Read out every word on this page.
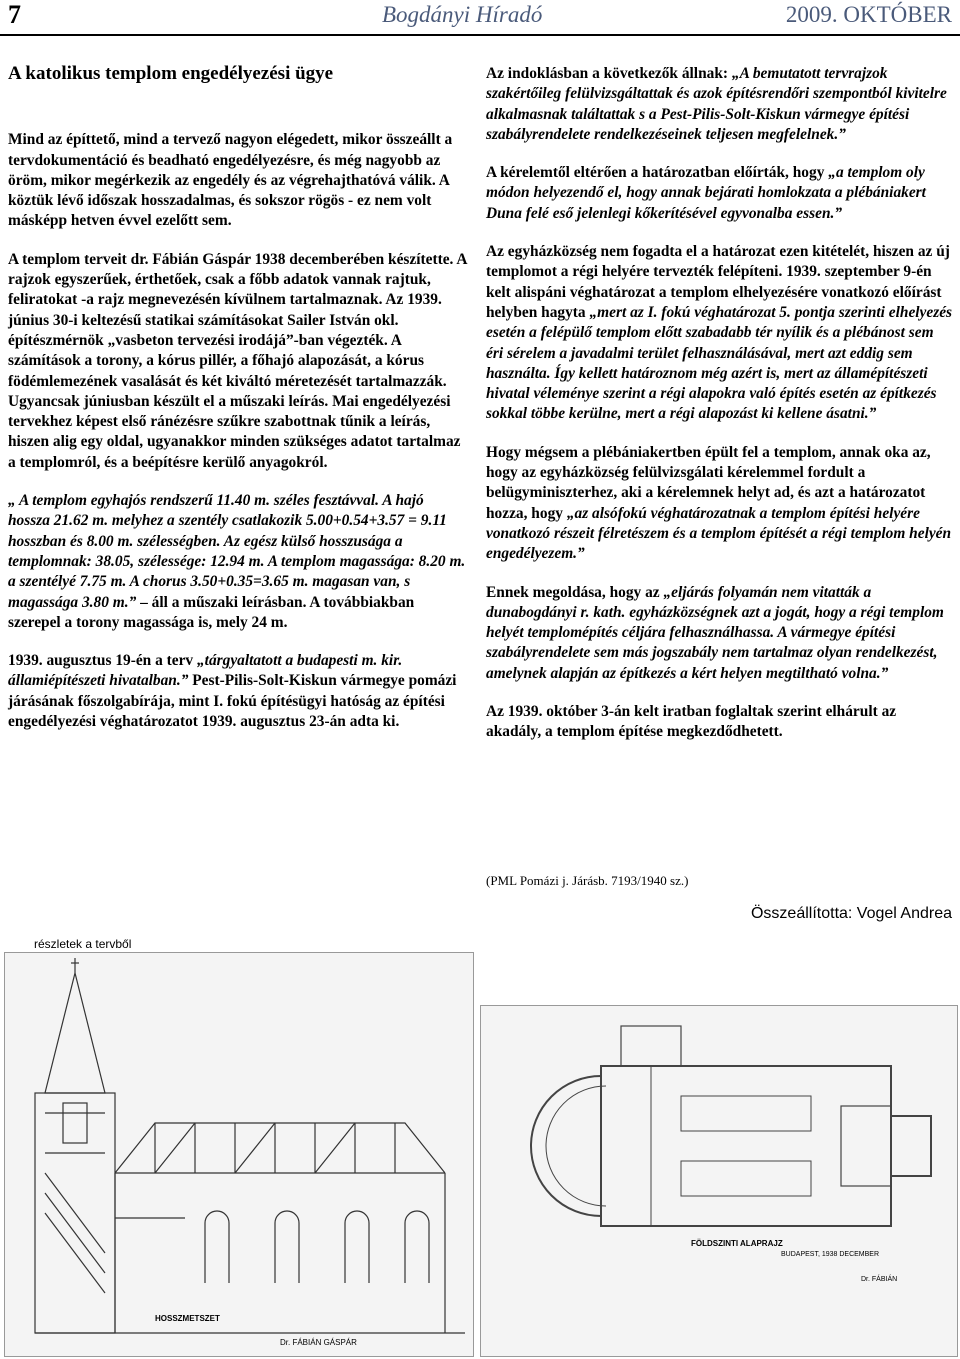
7	Bogdányi Híradó	2009. OKTÓBER

A katolikus templom engedélyezési ügye

Mind az építtető, mind a tervező nagyon elégedett, mikor összeállt a tervdokumentáció és beadható engedélyezésre, és még nagyobb az öröm, mikor megérkezik az engedély és az végrehajthatóvá válik. A köztük lévő időszak hosszadalmas, és sokszor rögös - ez nem volt másképp hetven évvel ezelőtt sem.

A templom terveit dr. Fábián Gáspár 1938 decemberében készítette. A rajzok egyszerűek, érthetőek, csak a főbb adatok vannak rajtuk, feliratokat -a rajz megnevezésén kívülnem tartalmaznak. Az 1939. június 30-i keltezésű statikai számításokat Sailer István okl. építészmérnök „vasbeton tervezési irodájá”-ban végezték. A számítások a torony, a kórus pillér, a főhajó alapozását, a kórus födémlemezének vasalását és két kiváltó méretezését tartalmazzák. Ugyancsak júniusban készült el a műszaki leírás. Mai engedélyezési tervekhez képest első ránézésre szűkre szabottnak tűnik a leírás, hiszen alig egy oldal, ugyanakkor minden szükséges adatot tartalmaz a templomról, és a beépítésre kerülő anyagokról.

„ A templom egyhajós rendszerű 11.40 m. széles fesztávval. A hajó hossza 21.62 m. melyhez a szentély csatlakozik 5.00+0.54+3.57 = 9.11 hosszban és 8.00 m. szélességben. Az egész külső hosszusága a templomnak: 38.05, szélessége: 12.94 m. A templom magassága: 8.20 m. a szentélyé 7.75 m. A chorus 3.50+0.35=3.65 m. magasan van, s magassága 3.80 m.” – áll a műszaki leírásban. A továbbiakban szerepel a torony magassága is, mely 24 m.

1939. augusztus 19-én a terv „tárgyaltatott a budapesti m. kir. államiépítészeti hivatalban.” Pest-Pilis-Solt-Kiskun vármegye pomázi járásának főszolgabírája, mint I. fokú építésügyi hatóság az építési engedélyezési véghatározatot 1939. augusztus 23-án adta ki.

Az indoklásban a következők állnak: „A bemutatott tervrajzok szakértőileg felülvizsgáltattak és azok építésrendőri szempontból kivitelre alkalmasnak találtattak s a Pest-Pilis-Solt-Kiskun vármegye építési szabályrendelete rendelkezéseinek teljesen megfelelnek.”

A kérelemtől eltérően a határozatban előírták, hogy „a templom oly módon helyezendő el, hogy annak bejárati homlokzata a plébániakert Duna felé eső jelenlegi kőkerítésével egyvonalba essen.”

Az egyházközség nem fogadta el a határozat ezen kitételét, hiszen az új templomot a régi helyére tervezték felépíteni. 1939. szeptember 9-én kelt alispáni véghatározat a templom elhelyezésére vonatkozó előírást helyben hagyta „mert az I. fokú véghatározat 5. pontja szerinti elhelyezés esetén a felépülő templom előtt szabadabb tér nyílik és a plébánost sem éri sérelem a javadalmi terület felhasználásával, mert azt eddig sem használta. Így kellett határoznom még azért is, mert az államépítészeti hivatal véleménye szerint a régi alapokra való építés esetén az építkezés sokkal többe kerülne, mert a régi alapozást ki kellene ásatni.”

Hogy mégsem a plébániakertben épült fel a templom, annak oka az, hogy az egyházközség felülvizsgálati kérelemmel fordult a belügyminiszterhez, aki a kérelemnek helyt ad, és azt a határozatot hozza, hogy „az alsófokú véghatározatnak a templom építési helyére vonatkozó részeit félretészem és a templom építését a régi templom helyén engedélyezem.”

Ennek megoldása, hogy az „eljárás folyamán nem vitatták a dunabogdányi r. kath. egyházközségnek azt a jogát, hogy a régi templom helyét templomépítés céljára felhasználhassa. A vármegye építési szabályrendelete sem más jogszabály nem tartalmaz olyan rendelkezést, amelynek alapján az építkezés a kért helyen megtiltható volna.”

Az 1939. október 3-án kelt iratban foglaltak szerint elhárult az akadály, a templom építése megkezdődhetett.

(PML Pomázi j. Járásb. 7193/1940 sz.)
Összeállította: Vogel Andrea
részletek a tervből
HOSSZMETSZET
Dr. FÁBIÁN GÁSPÁR
FÖLDSZINTI ALAPRAJZ
BUDAPEST, 1938 DECEMBER
Dr. FÁBIÁN
